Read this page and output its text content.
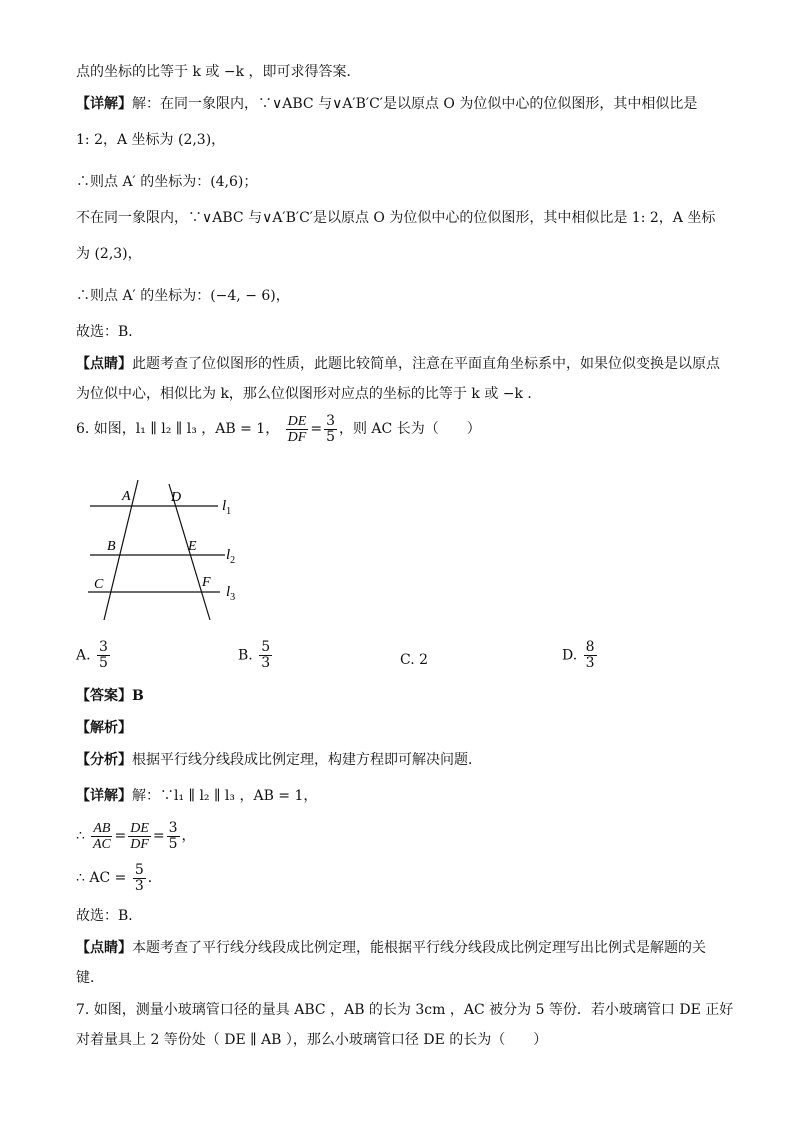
点的坐标的比等于 k 或 −k ，即可求得答案．
【详解】解：在同一象限内，∵∨ABC 与∨A′B′C′是以原点 O 为位似中心的位似图形，其中相似比是
1: 2，A 坐标为 (2,3)，
∴则点 A′ 的坐标为：(4,6)；
不在同一象限内，∵∨ABC 与∨A′B′C′是以原点 O 为位似中心的位似图形，其中相似比是 1: 2，A 坐标
为 (2,3)，
∴则点 A′ 的坐标为：(−4, − 6)，
故选：B．
【点睛】此题考查了位似图形的性质，此题比较简单，注意在平面直角坐标系中，如果位似变换是以原点
为位似中心，相似比为 k，那么位似图形对应点的坐标的比等于 k 或 −k ．
6. 如图，l₁ ∥ l₂ ∥ l₃ ，AB = 1， $\frac{DE}{DF} = \frac{3}{5}$ ，则 AC 长为（　　）
A	D
B	E
C	F
$l_1$
$l_2$
$l_3$
A. $\frac{3}{5}$	B. $\frac{5}{3}$	C. 2	D. $\frac{8}{3}$
【答案】B
【解析】
【分析】根据平行线分线段成比例定理，构建方程即可解决问题．
【详解】解：∵l₁ ∥ l₂ ∥ l₃ ，AB = 1，
∴ $\frac{AB}{AC} = \frac{DE}{DF} = \frac{3}{5}$ ，
∴ AC = $\frac{5}{3}$ ．
故选：B．
【点睛】本题考查了平行线分线段成比例定理，能根据平行线分线段成比例定理写出比例式是解题的关
键．
7. 如图，测量小玻璃管口径的量具 ABC ，AB 的长为 3cm ，AC 被分为 5 等份．若小玻璃管口 DE 正好
对着量具上 2 等份处（ DE ∥ AB ），那么小玻璃管口径 DE 的长为（　　）
